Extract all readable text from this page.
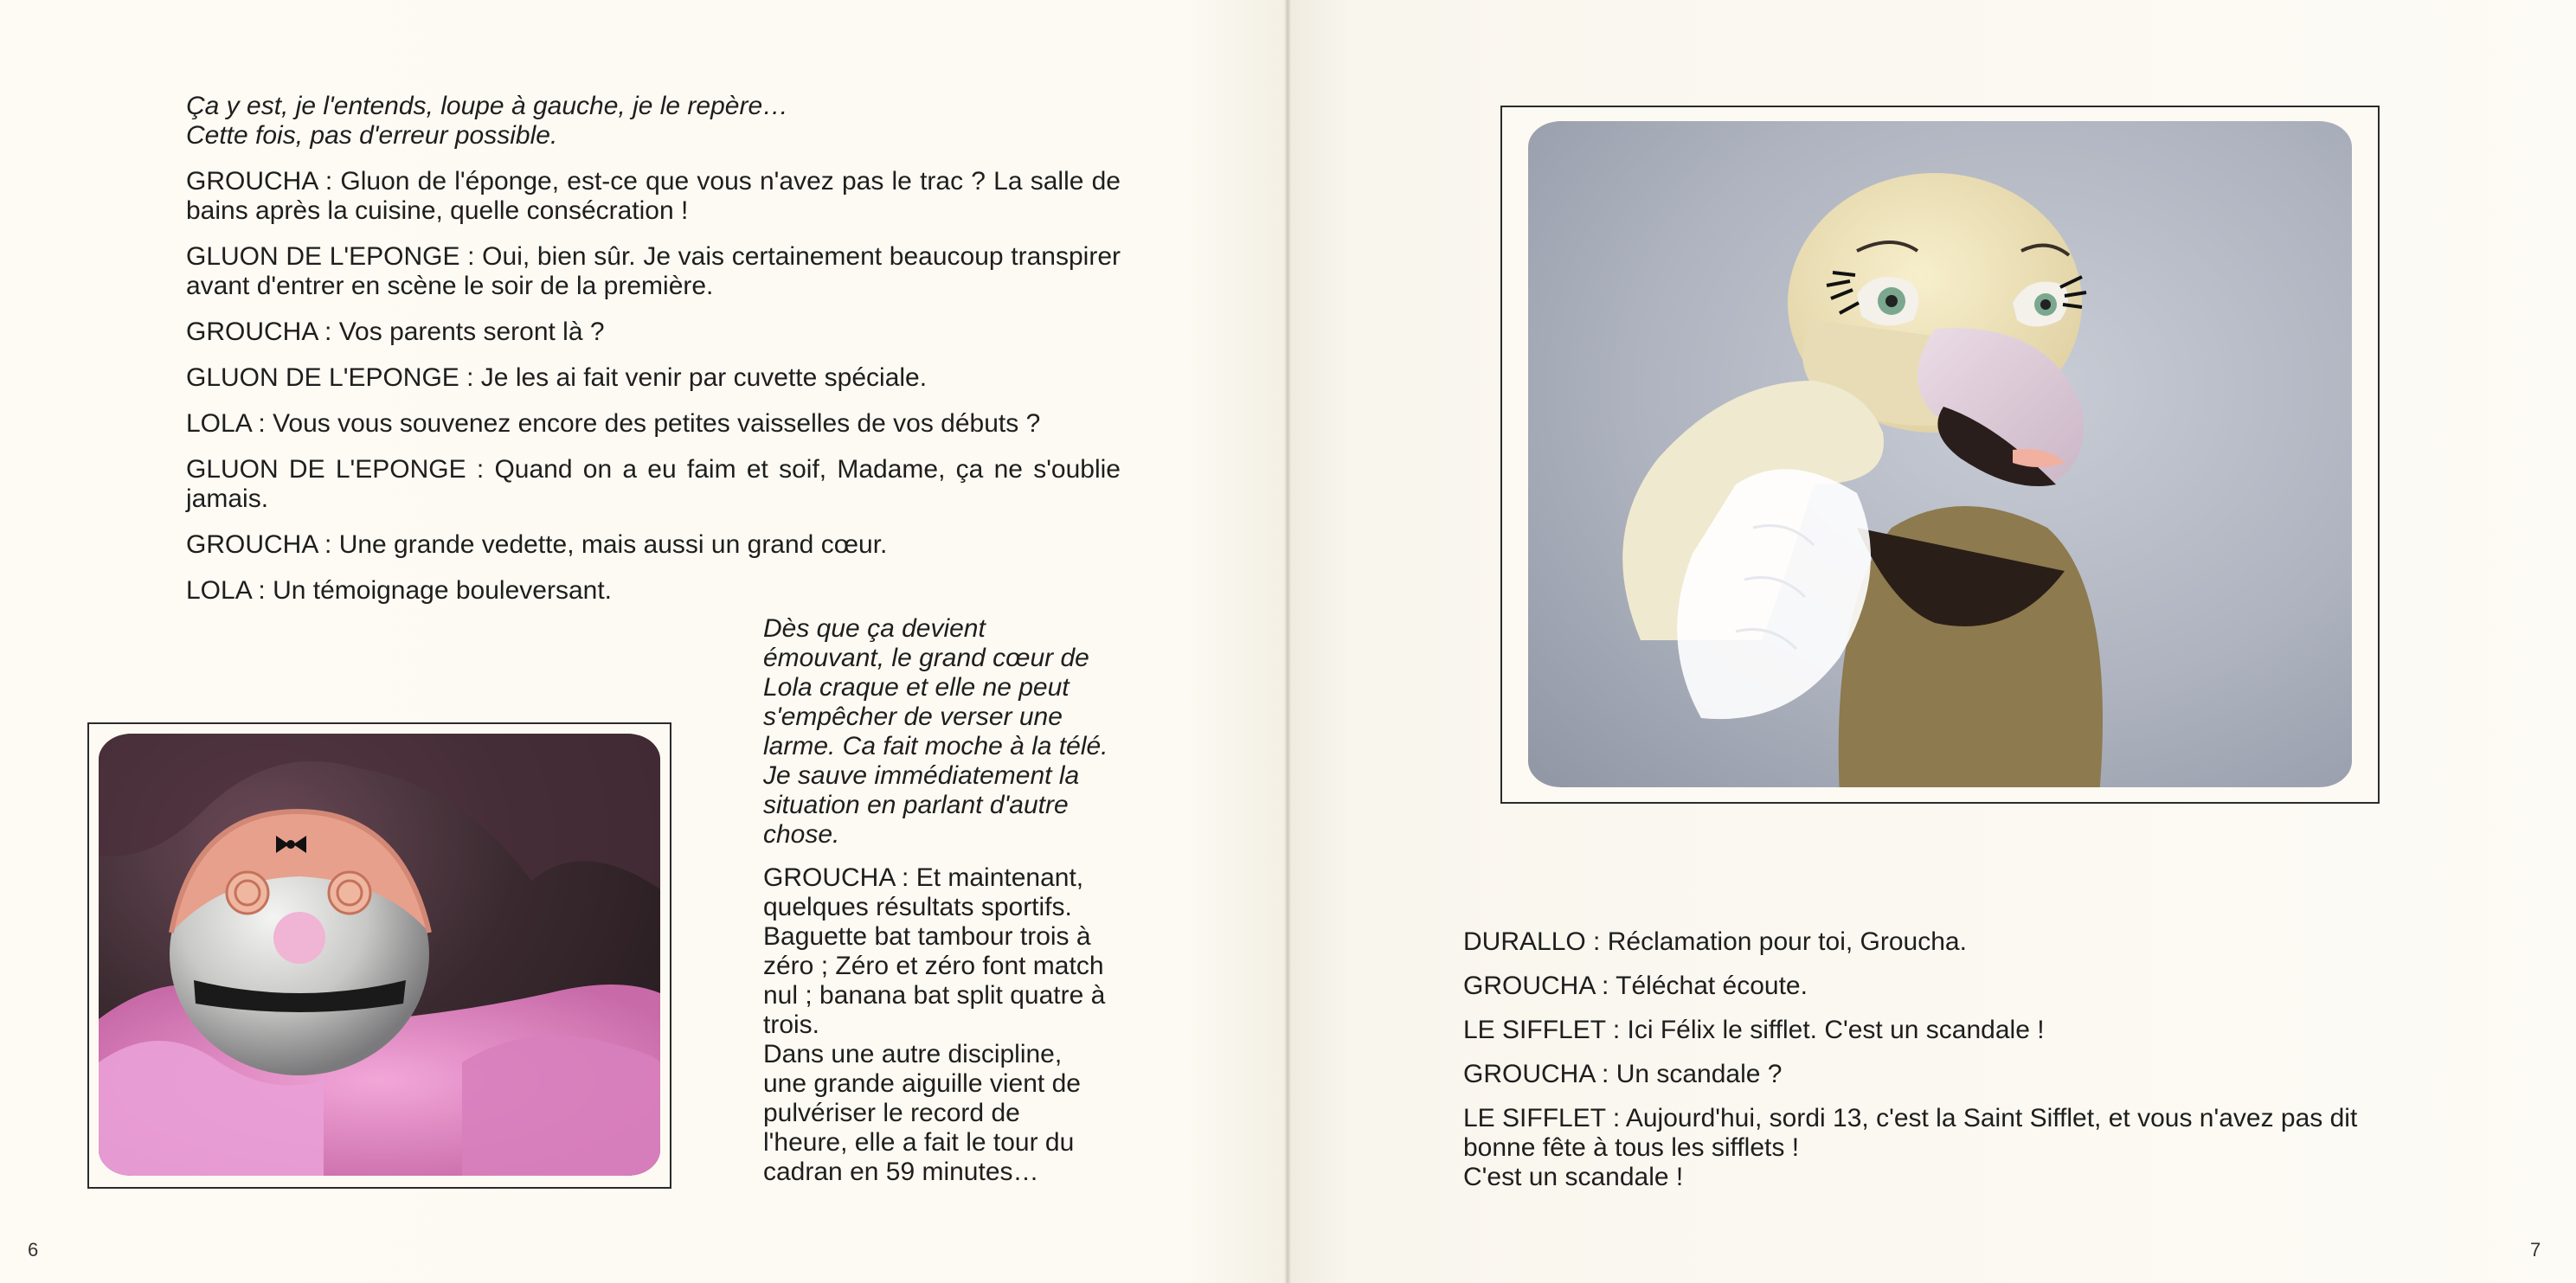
Ça y est, je l'entends, loupe à gauche, je le repère…
Cette fois, pas d'erreur possible.

GROUCHA : Gluon de l'éponge, est-ce que vous n'avez pas le trac ? La salle de bains après la cuisine, quelle consécration !

GLUON DE L'EPONGE : Oui, bien sûr. Je vais certainement beaucoup transpirer avant d'entrer en scène le soir de la première.

GROUCHA : Vos parents seront là ?

GLUON DE L'EPONGE : Je les ai fait venir par cuvette spéciale.

LOLA : Vous vous souvenez encore des petites vaisselles de vos débuts ?

GLUON DE L'EPONGE : Quand on a eu faim et soif, Madame, ça ne s'oublie jamais.

GROUCHA : Une grande vedette, mais aussi un grand cœur.

LOLA : Un témoignage bouleversant.

Dès que ça devient émouvant, le grand cœur de Lola craque et elle ne peut s'empêcher de verser une larme. Ca fait moche à la télé. Je sauve immédiatement la situation en parlant d'autre chose.

GROUCHA : Et maintenant, quelques résultats sportifs. Baguette bat tambour trois à zéro ; Zéro et zéro font match nul ; banana bat split quatre à trois.
Dans une autre discipline, une grande aiguille vient de pulvériser le record de l'heure, elle a fait le tour du cadran en 59 minutes…

DURALLO : Réclamation pour toi, Groucha.

GROUCHA : Téléchat écoute.

LE SIFFLET : Ici Félix le sifflet. C'est un scandale !

GROUCHA : Un scandale ?

LE SIFFLET : Aujourd'hui, sordi 13, c'est la Saint Sifflet, et vous n'avez pas dit bonne fête à tous les sifflets !
C'est un scandale !

6	7
